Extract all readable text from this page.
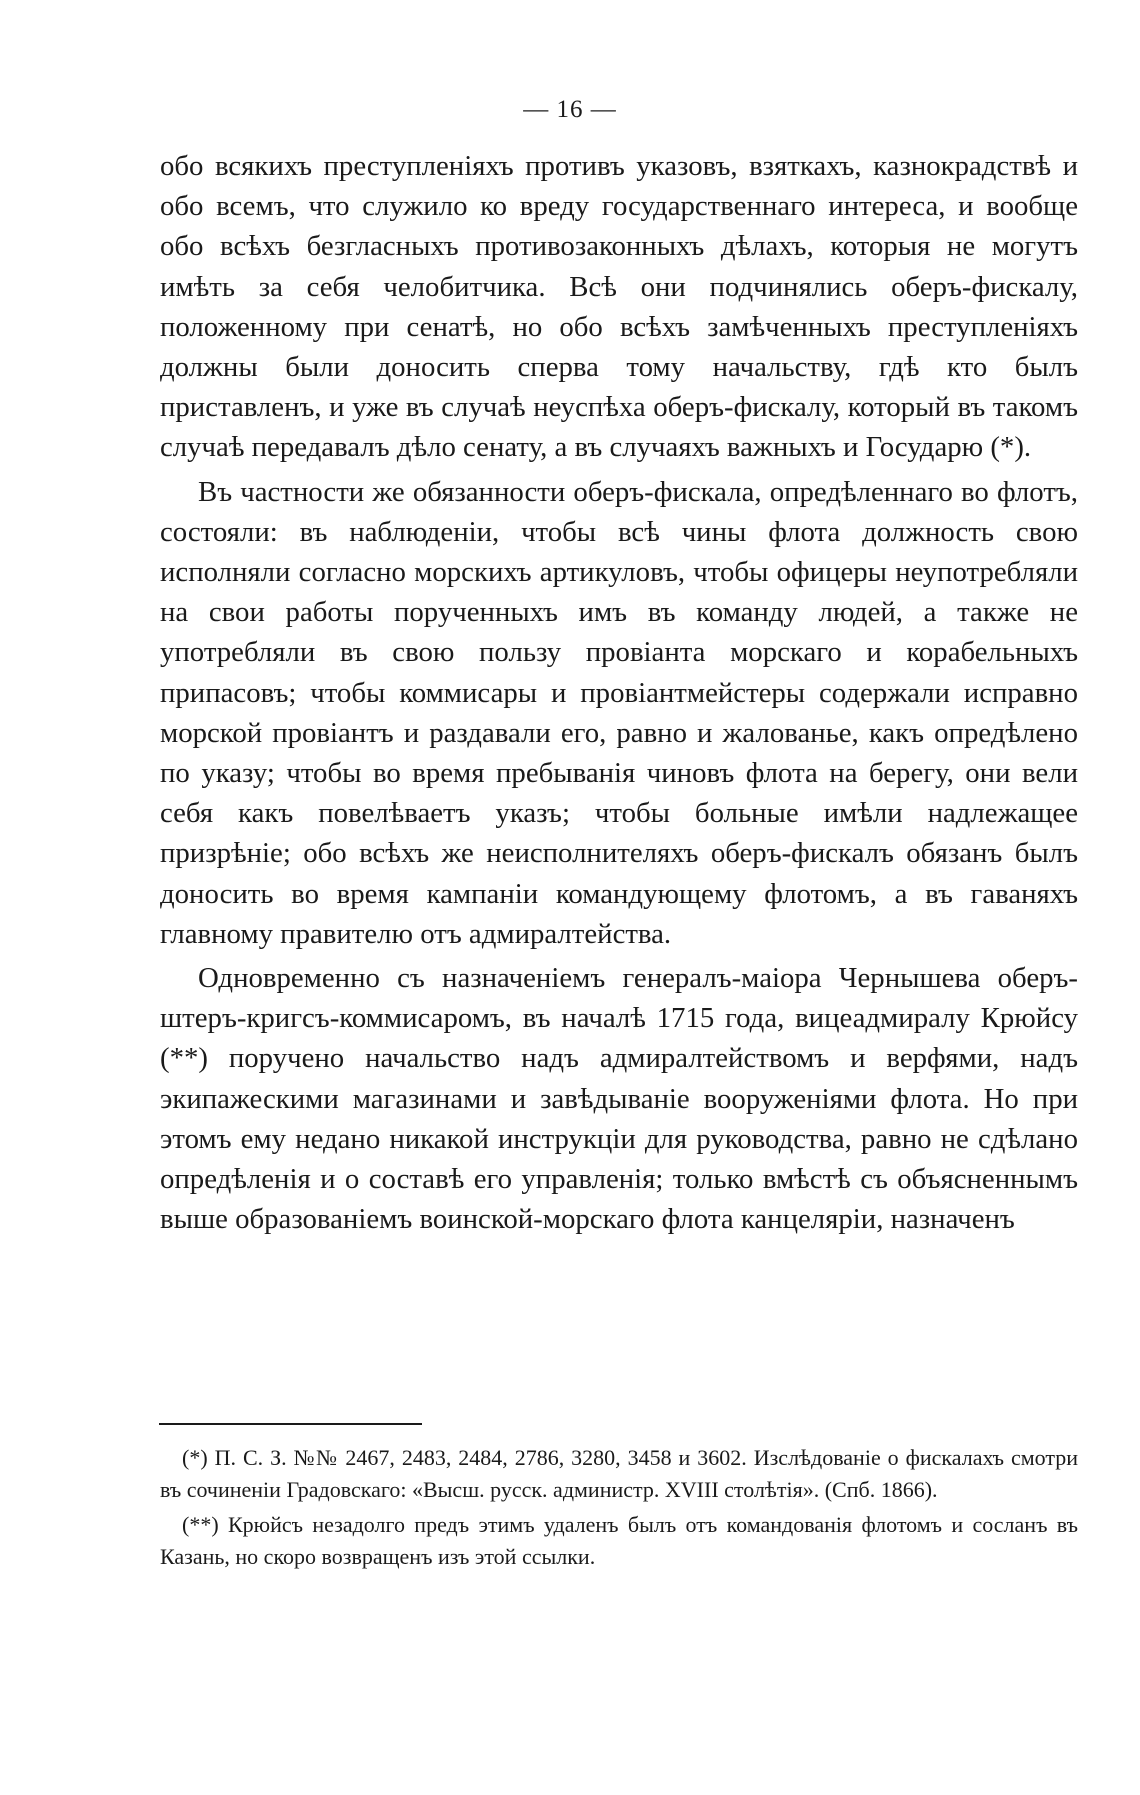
— 16 —

обо всякихъ преступленіяхъ противъ указовъ, взяткахъ, казнокрадствѣ и обо всемъ, что служило ко вреду государственнаго интереса, и вообще обо всѣхъ безгласныхъ противозаконныхъ дѣлахъ, которыя не могутъ имѣть за себя челобитчика. Всѣ они подчинялись оберъ-фискалу, положенному при сенатѣ, но обо всѣхъ замѣченныхъ преступленіяхъ должны были доносить сперва тому начальству, гдѣ кто былъ приставленъ, и уже въ случаѣ неуспѣха оберъ-фискалу, который въ такомъ случаѣ передавалъ дѣло сенату, а въ случаяхъ важныхъ и Государю (*).

Въ частности же обязанности оберъ-фискала, опредѣленнаго во флотъ, состояли: въ наблюденіи, чтобы всѣ чины флота должность свою исполняли согласно морскихъ артикуловъ, чтобы офицеры неупотребляли на свои работы порученныхъ имъ въ команду людей, а также не употребляли въ свою пользу провіанта морскаго и корабельныхъ припасовъ; чтобы коммисары и провіантмейстеры содержали исправно морской провіантъ и раздавали его, равно и жалованье, какъ опредѣлено по указу; чтобы во время пребыванія чиновъ флота на берегу, они вели себя какъ повелѣваетъ указъ; чтобы больные имѣли надлежащее призрѣніе; обо всѣхъ же неисполнителяхъ оберъ-фискалъ обязанъ былъ доносить во время кампаніи командующему флотомъ, а въ гаваняхъ главному правителю отъ адмиралтейства.

Одновременно съ назначеніемъ генералъ-маіора Чернышева оберъ-штеръ-кригсъ-коммисаромъ, въ началѣ 1715 года, вицеадмиралу Крюйсу (**) поручено начальство надъ адмиралтействомъ и верфями, надъ экипажескими магазинами и завѣдываніе вооруженіями флота. Но при этомъ ему недано никакой инструкціи для руководства, равно не сдѣлано опредѣленія и о составѣ его управленія; только вмѣстѣ съ объясненнымъ выше образованіемъ воинской-морскаго флота канцеляріи, назначенъ

(*) П. С. З. №№ 2467, 2483, 2484, 2786, 3280, 3458 и 3602. Изслѣдованіе о фискалахъ смотри въ сочиненіи Градовскаго: «Высш. русск. администр. XVIII столѣтія». (Спб. 1866).

(**) Крюйсъ незадолго предъ этимъ удаленъ былъ отъ командованія флотомъ и сосланъ въ Казань, но скоро возвращенъ изъ этой ссылки.
